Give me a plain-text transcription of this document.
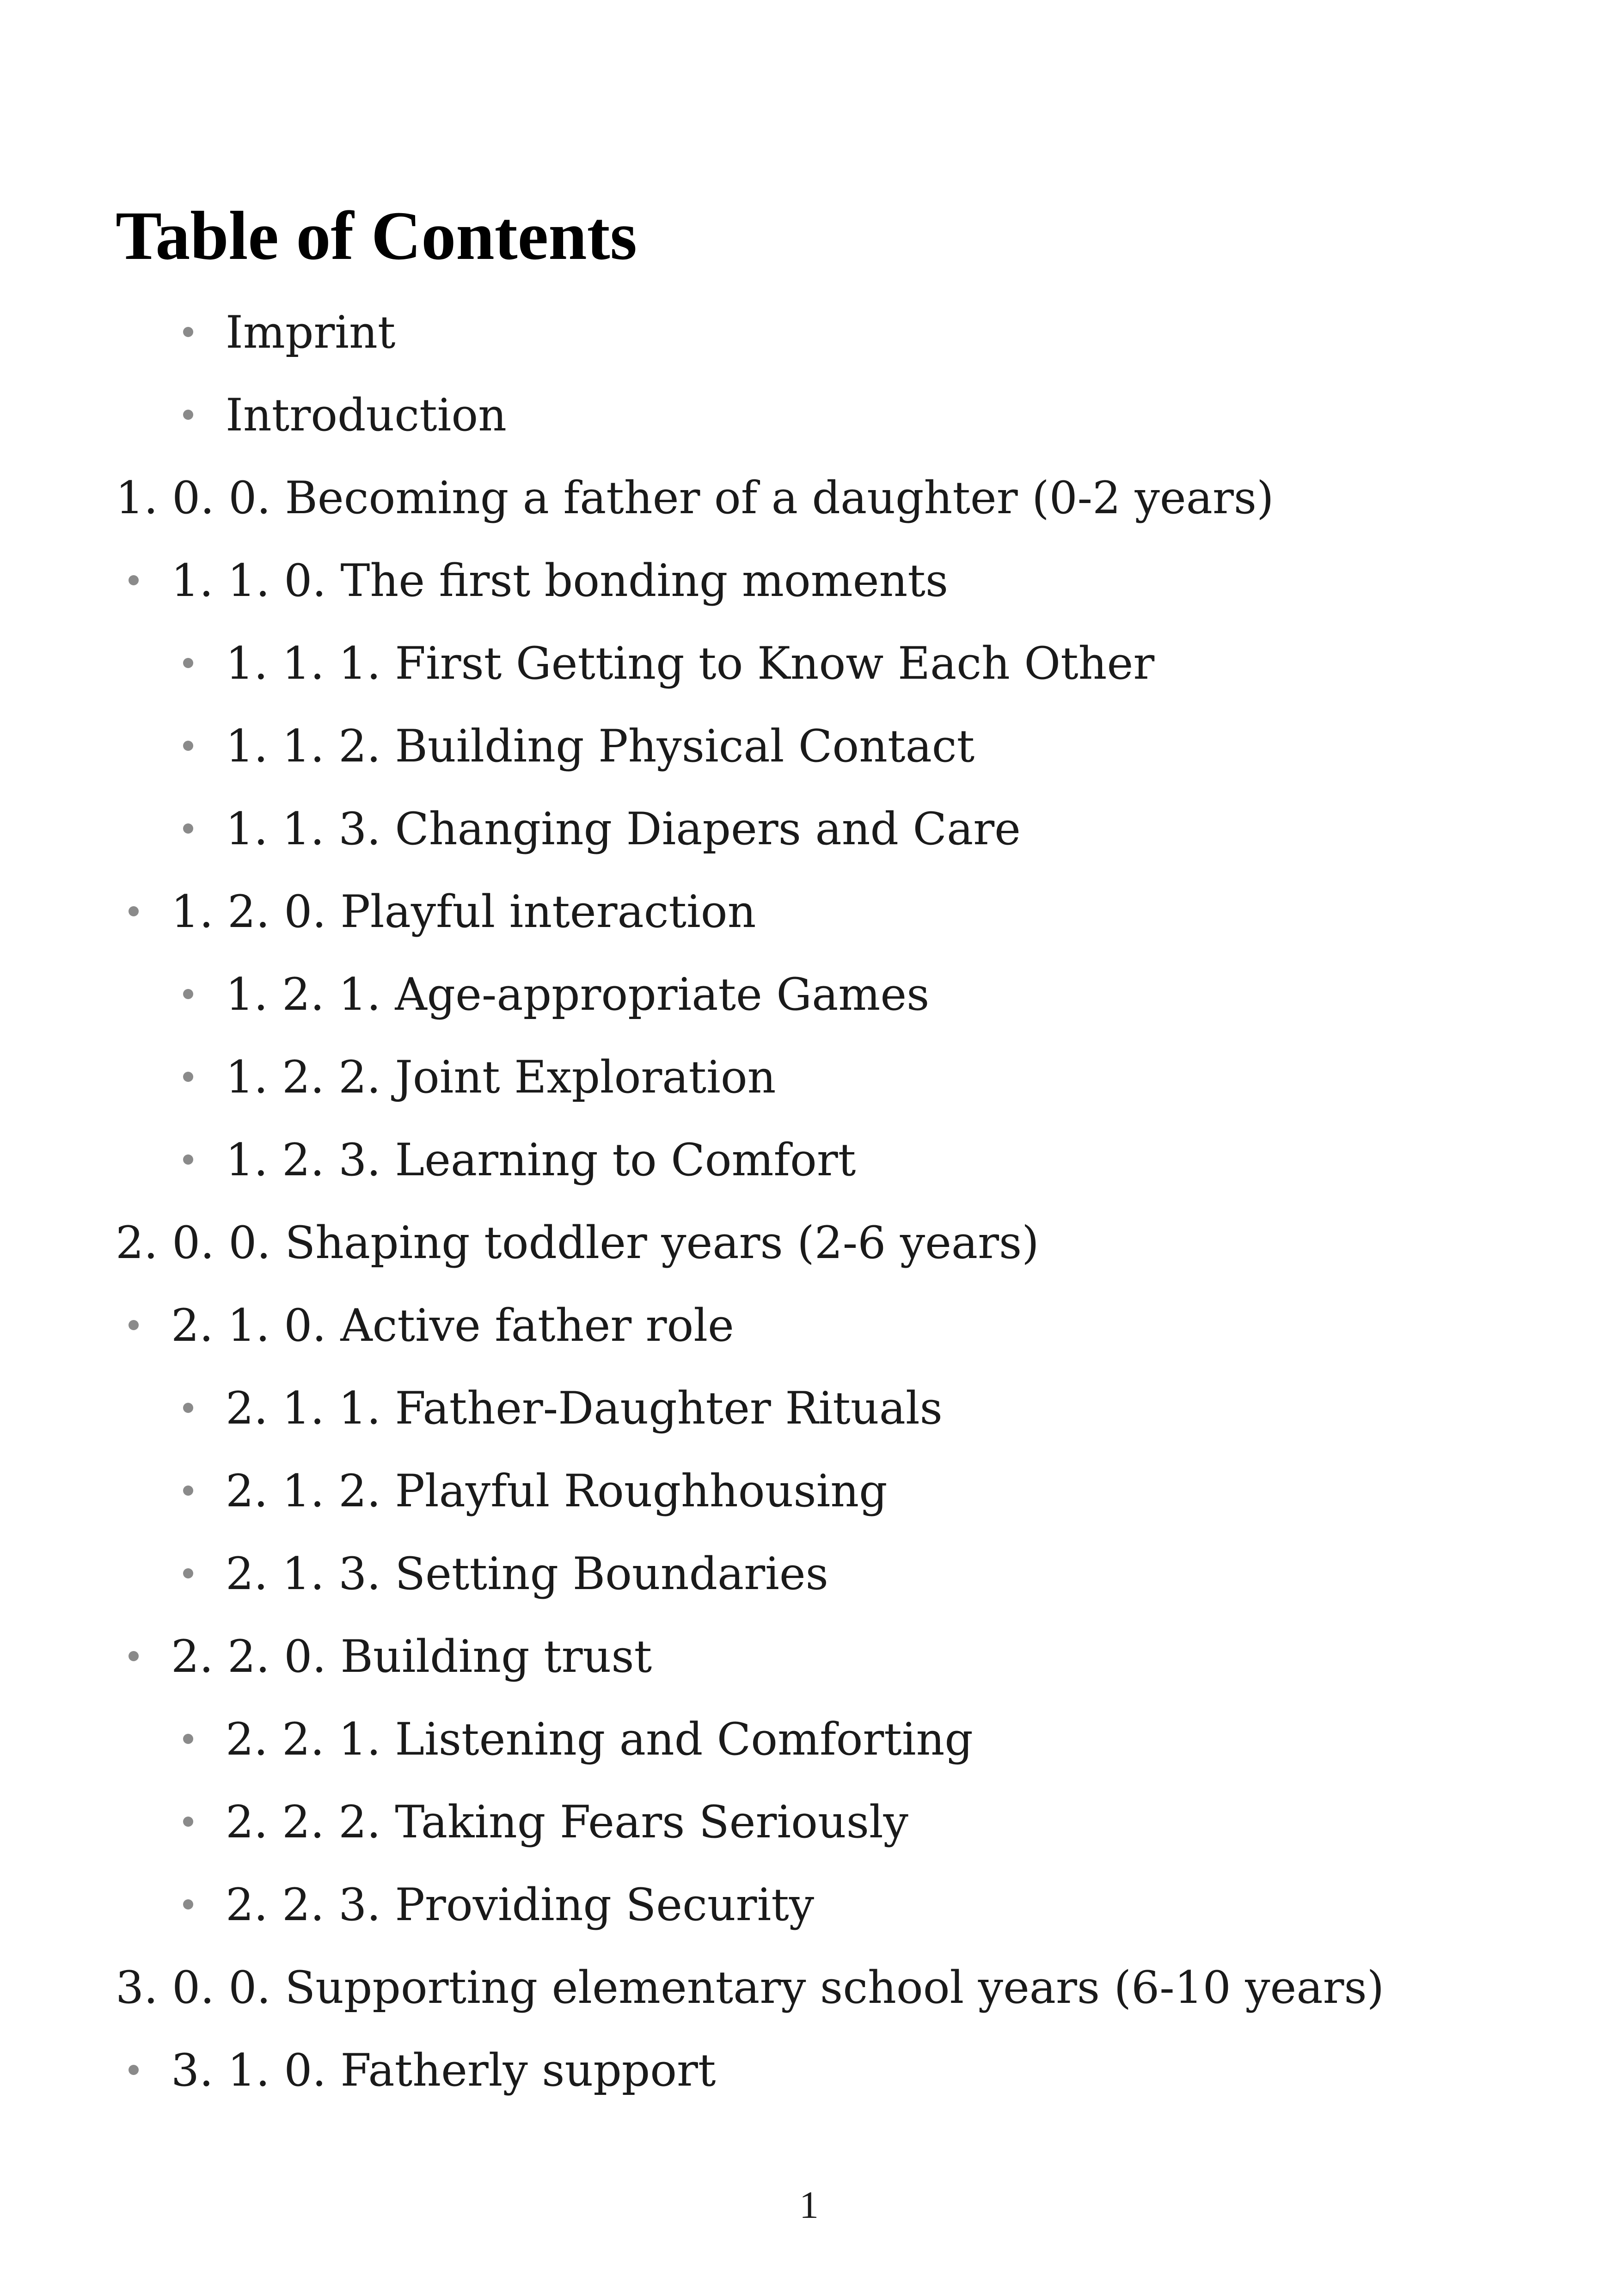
Table of Contents
Imprint
Introduction
1. 0. 0. Becoming a father of a daughter (0-2 years)
1. 1. 0. The first bonding moments
1. 1. 1. First Getting to Know Each Other
1. 1. 2. Building Physical Contact
1. 1. 3. Changing Diapers and Care
1. 2. 0. Playful interaction
1. 2. 1. Age-appropriate Games
1. 2. 2. Joint Exploration
1. 2. 3. Learning to Comfort
2. 0. 0. Shaping toddler years (2-6 years)
2. 1. 0. Active father role
2. 1. 1. Father-Daughter Rituals
2. 1. 2. Playful Roughhousing
2. 1. 3. Setting Boundaries
2. 2. 0. Building trust
2. 2. 1. Listening and Comforting
2. 2. 2. Taking Fears Seriously
2. 2. 3. Providing Security
3. 0. 0. Supporting elementary school years (6-10 years)
3. 1. 0. Fatherly support
1
